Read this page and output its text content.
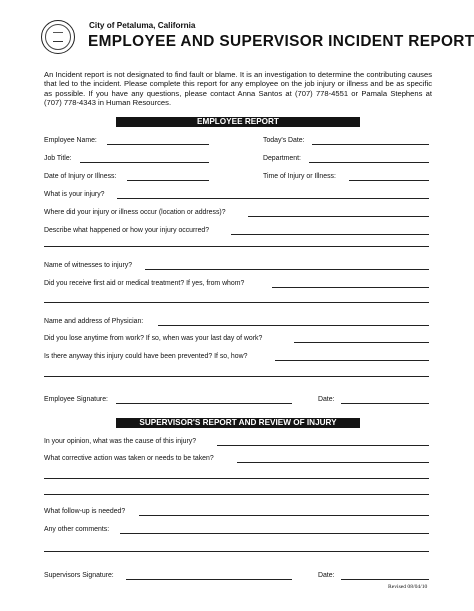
City of Petaluma, California
EMPLOYEE AND SUPERVISOR INCIDENT REPORT
An Incident report is not designated to find fault or blame. It is an investigation to determine the contributing causes that led to the incident. Please complete this report for any employee on the job injury or illness and be as specific as possible. If you have any questions, please contact Anna Santos at (707) 778-4551 or Pamala Stephens at (707) 778-4343 in Human Resources.
EMPLOYEE REPORT
Employee Name:	Today's Date:
Job Title:	Department:
Date of Injury or Illness:	Time of Injury or Illness:
What is your injury?
Where did your injury or illness occur (location or address)?
Describe what happened or how your injury occurred?
Name of witnesses to injury?
Did you receive first aid or medical treatment? If yes, from whom?
Name and address of Physician:
Did you lose anytime from work? If so, when was your last day of work?
Is there anyway this injury could have been prevented? If so, how?
Employee Signature:	Date:
SUPERVISOR'S REPORT AND REVIEW OF INJURY
In your opinion, what was the cause of this injury?
What corrective action was taken or needs to be taken?
What follow-up is needed?
Any other comments:
Supervisors Signature:	Date:
Revised 08/04/10
